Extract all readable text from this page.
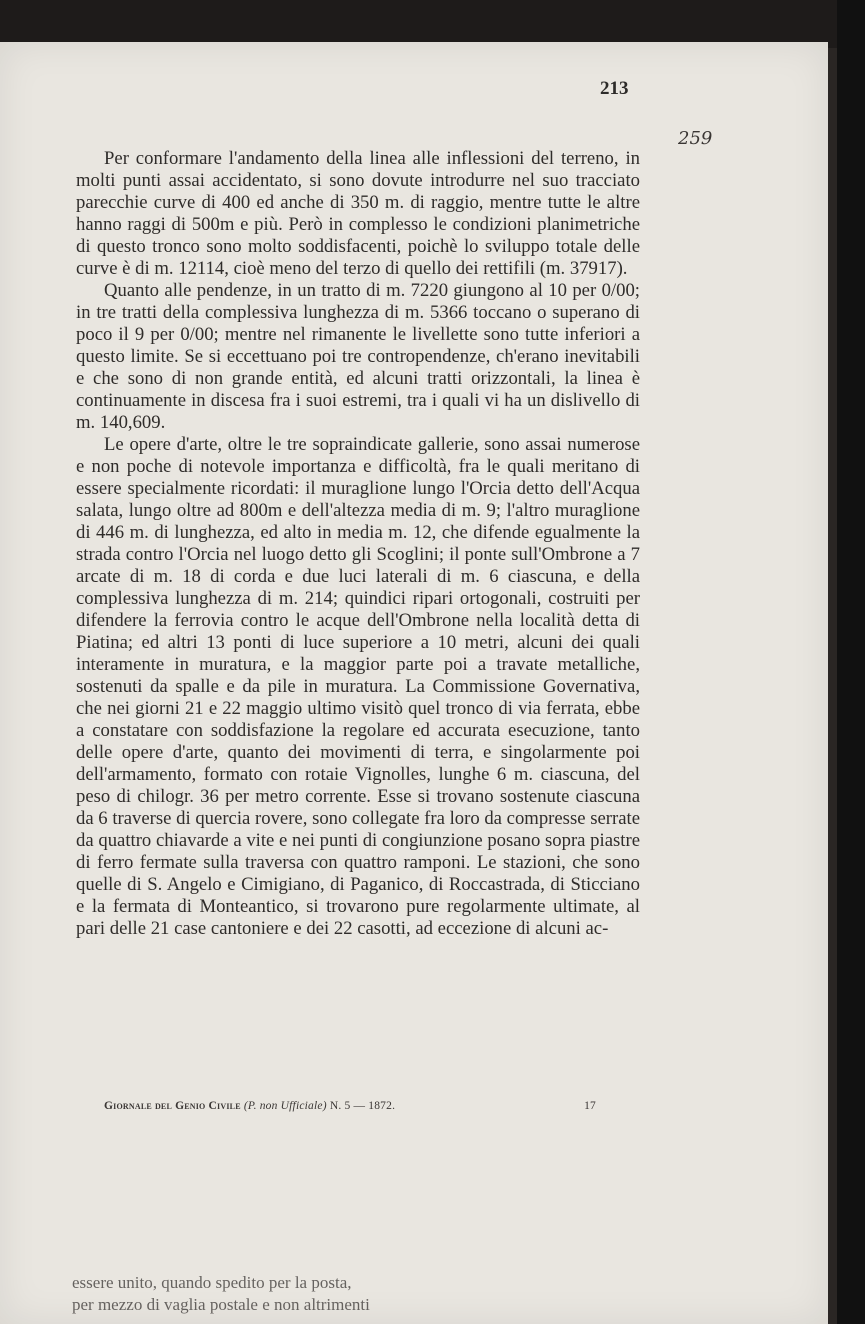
213
259

Per conformare l'andamento della linea alle inflessioni del terreno, in molti punti assai accidentato, si sono dovute introdurre nel suo tracciato parecchie curve di 400 ed anche di 350 m. di raggio, mentre tutte le altre hanno raggi di 500m e più. Però in complesso le condizioni planimetriche di questo tronco sono molto soddisfacenti, poichè lo sviluppo totale delle curve è di m. 12114, cioè meno del terzo di quello dei rettifili (m. 37917).

Quanto alle pendenze, in un tratto di m. 7220 giungono al 10 per 0/00; in tre tratti della complessiva lunghezza di m. 5366 toccano o superano di poco il 9 per 0/00; mentre nel rimanente le livellette sono tutte inferiori a questo limite. Se si eccettuano poi tre contropendenze, ch'erano inevitabili e che sono di non grande entità, ed alcuni tratti orizzontali, la linea è continuamente in discesa fra i suoi estremi, tra i quali vi ha un dislivello di m. 140,609.

Le opere d'arte, oltre le tre sopraindicate gallerie, sono assai numerose e non poche di notevole importanza e difficoltà, fra le quali meritano di essere specialmente ricordati: il muraglione lungo l'Orcia detto dell'Acqua salata, lungo oltre ad 800m e dell'altezza media di m. 9; l'altro muraglione di 446 m. di lunghezza, ed alto in media m. 12, che difende egualmente la strada contro l'Orcia nel luogo detto gli Scoglini; il ponte sull'Ombrone a 7 arcate di m. 18 di corda e due luci laterali di m. 6 ciascuna, e della complessiva lunghezza di m. 214; quindici ripari ortogonali, costruiti per difendere la ferrovia contro le acque dell'Ombrone nella località detta di Piatina; ed altri 13 ponti di luce superiore a 10 metri, alcuni dei quali interamente in muratura, e la maggior parte poi a travate metalliche, sostenuti da spalle e da pile in muratura. La Commissione Governativa, che nei giorni 21 e 22 maggio ultimo visitò quel tronco di via ferrata, ebbe a constatare con soddisfazione la regolare ed accurata esecuzione, tanto delle opere d'arte, quanto dei movimenti di terra, e singolarmente poi dell'armamento, formato con rotaie Vignolles, lunghe 6 m. ciascuna, del peso di chilogr. 36 per metro corrente. Esse si trovano sostenute ciascuna da 6 traverse di quercia rovere, sono collegate fra loro da compresse serrate da quattro chiavarde a vite e nei punti di congiunzione posano sopra piastre di ferro fermate sulla traversa con quattro ramponi. Le stazioni, che sono quelle di S. Angelo e Cimigiano, di Paganico, di Roccastrada, di Sticciano e la fermata di Monteantico, si trovarono pure regolarmente ultimate, al pari delle 21 case cantoniere e dei 22 casotti, ad eccezione di alcuni ac-

Giornale del Genio Civile (P. non Ufficiale) N. 5 — 1872.	17
essere unito, quando spedito per la posta,
per mezzo di vaglia postale e non altrimenti
